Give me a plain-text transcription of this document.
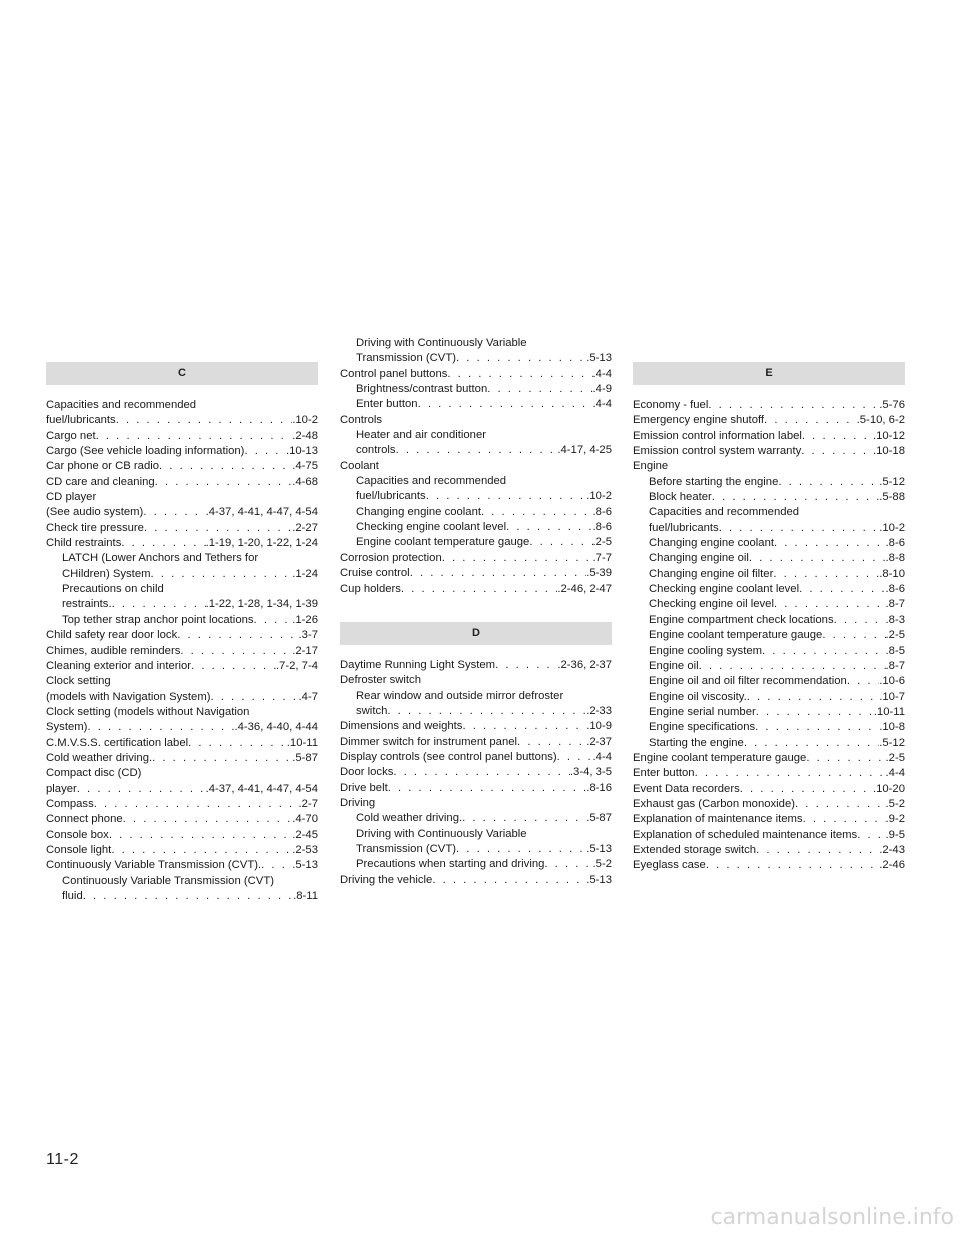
C
Capacities and recommended
fuel/lubricants . . .	.10-2
Cargo net . . .	.2-48
Cargo (See vehicle loading information) . . .	.10-13
Car phone or CB radio . . .	.4-75
CD care and cleaning . . .	.4-68
CD player
(See audio system) . . .	.4-37, 4-41, 4-47, 4-54
Check tire pressure . . .	.2-27
Child restraints . . .	.1-19, 1-20, 1-22, 1-24
LATCH (Lower Anchors and Tethers for
CHildren) System . . .	.1-24
Precautions on child
restraints. . . .	.1-22, 1-28, 1-34, 1-39
Top tether strap anchor point locations . . .	.1-26
Child safety rear door lock . . .	.3-7
Chimes, audible reminders . . .	.2-17
Cleaning exterior and interior . . .	.7-2, 7-4
Clock setting
(models with Navigation System) . . .	.4-7
Clock setting (models without Navigation
System) . . .	.4-36, 4-40, 4-44
C.M.V.S.S. certification label . . .	.10-11
Cold weather driving. . . .	.5-87
Compact disc (CD)
player . . .	.4-37, 4-41, 4-47, 4-54
Compass . . .	.2-7
Connect phone . . .	.4-70
Console box . . .	.2-45
Console light . . .	.2-53
Continuously Variable Transmission (CVT). . . .	.5-13
Continuously Variable Transmission (CVT)
fluid . . .	.8-11
Driving with Continuously Variable
Transmission (CVT) . . .	.5-13
Control panel buttons . . .	.4-4
Brightness/contrast button . . .	.4-9
Enter button . . .	.4-4
Controls
Heater and air conditioner
controls . . .	.4-17, 4-25
Coolant
Capacities and recommended
fuel/lubricants . . .	.10-2
Changing engine coolant . . .	.8-6
Checking engine coolant level . . .	.8-6
Engine coolant temperature gauge . . .	.2-5
Corrosion protection . . .	.7-7
Cruise control . . .	.5-39
Cup holders . . .	.2-46, 2-47
D
Daytime Running Light System . . .	.2-36, 2-37
Defroster switch
Rear window and outside mirror defroster
switch . . .	.2-33
Dimensions and weights . . .	.10-9
Dimmer switch for instrument panel . . .	.2-37
Display controls (see control panel buttons) . . .	.4-4
Door locks . . .	.3-4, 3-5
Drive belt . . .	.8-16
Driving
Cold weather driving. . . .	.5-87
Driving with Continuously Variable
Transmission (CVT) . . .	.5-13
Precautions when starting and driving . . .	.5-2
Driving the vehicle . . .	.5-13
E
Economy - fuel . . .	.5-76
Emergency engine shutoff . . .	.5-10, 6-2
Emission control information label . . .	.10-12
Emission control system warranty . . .	.10-18
Engine
Before starting the engine . . .	.5-12
Block heater . . .	.5-88
Capacities and recommended
fuel/lubricants . . .	.10-2
Changing engine coolant . . .	.8-6
Changing engine oil . . .	.8-8
Changing engine oil filter . . .	.8-10
Checking engine coolant level . . .	.8-6
Checking engine oil level . . .	.8-7
Engine compartment check locations . . .	.8-3
Engine coolant temperature gauge . . .	.2-5
Engine cooling system . . .	.8-5
Engine oil . . .	.8-7
Engine oil and oil filter recommendation . . .	.10-6
Engine oil viscosity. . . .	.10-7
Engine serial number . . .	.10-11
Engine specifications . . .	.10-8
Starting the engine . . .	.5-12
Engine coolant temperature gauge . . .	.2-5
Enter button . . .	.4-4
Event Data recorders . . .	.10-20
Exhaust gas (Carbon monoxide) . . .	.5-2
Explanation of maintenance items . . .	.9-2
Explanation of scheduled maintenance items . . .	.9-5
Extended storage switch . . .	.2-43
Eyeglass case . . .	.2-46
11-2
carmanualsonline.info
